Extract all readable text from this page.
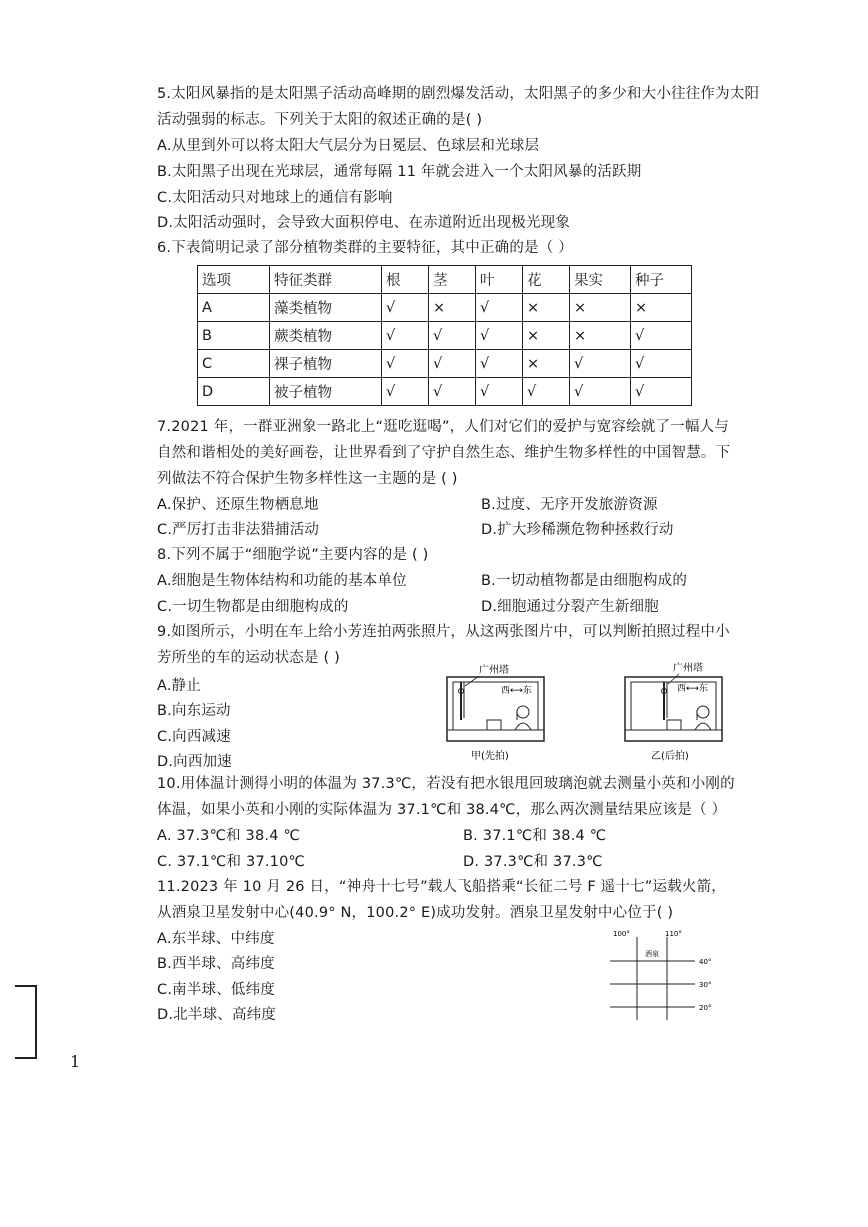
5.太阳风暴指的是太阳黑子活动高峰期的剧烈爆发活动，太阳黑子的多少和大小往往作为太阳
活动强弱的标志。下列关于太阳的叙述正确的是( )
A.从里到外可以将太阳大气层分为日冕层、色球层和光球层
B.太阳黑子出现在光球层，通常每隔 11 年就会进入一个太阳风暴的活跃期
C.太阳活动只对地球上的通信有影响
D.太阳活动强时，会导致大面积停电、在赤道附近出现极光现象
6.下表简明记录了部分植物类群的主要特征，其中正确的是（ ）
选项	特征类群	根	茎	叶	花	果实	种子
A	藻类植物	√	×	√	×	×	×
B	蕨类植物	√	√	√	×	×	√
C	裸子植物	√	√	√	×	√	√
D	被子植物	√	√	√	√	√	√
7.2021 年，一群亚洲象一路北上“逛吃逛喝”，人们对它们的爱护与宽容绘就了一幅人与
自然和谐相处的美好画卷，让世界看到了守护自然生态、维护生物多样性的中国智慧。下
列做法不符合保护生物多样性这一主题的是 ( )
A.保护、还原生物栖息地	B.过度、无序开发旅游资源
C.严厉打击非法猎捕活动	D.扩大珍稀濒危物种拯救行动
8.下列不属于“细胞学说”主要内容的是 ( )
A.细胞是生物体结构和功能的基本单位	B.一切动植物都是由细胞构成的
C.一切生物都是由细胞构成的	D.细胞通过分裂产生新细胞
9.如图所示，小明在车上给小芳连拍两张照片，从这两张图片中，可以判断拍照过程中小
芳所坐的车的运动状态是 ( )
A.静止
B.向东运动
C.向西减速
D.向西加速
广州塔
西⟷东
甲(先拍)
广州塔
西⟷东
乙(后拍)
10.用体温计测得小明的体温为 37.3℃，若没有把水银甩回玻璃泡就去测量小英和小刚的
体温，如果小英和小刚的实际体温为 37.1℃和 38.4℃，那么两次测量结果应该是（ ）
A. 37.3℃和 38.4 ℃	B. 37.1℃和 38.4 ℃
C. 37.1℃和 37.10℃	D. 37.3℃和 37.3℃
11.2023 年 10 月 26 日，“神舟十七号”载人飞船搭乘“长征二号 F 遥十七”运载火箭，
从酒泉卫星发射中心(40.9° N，100.2° E)成功发射。酒泉卫星发射中心位于( )
A.东半球、中纬度
B.西半球、高纬度
C.南半球、低纬度
D.北半球、高纬度
100°	110°
40°
30°
20°
酒泉
1
